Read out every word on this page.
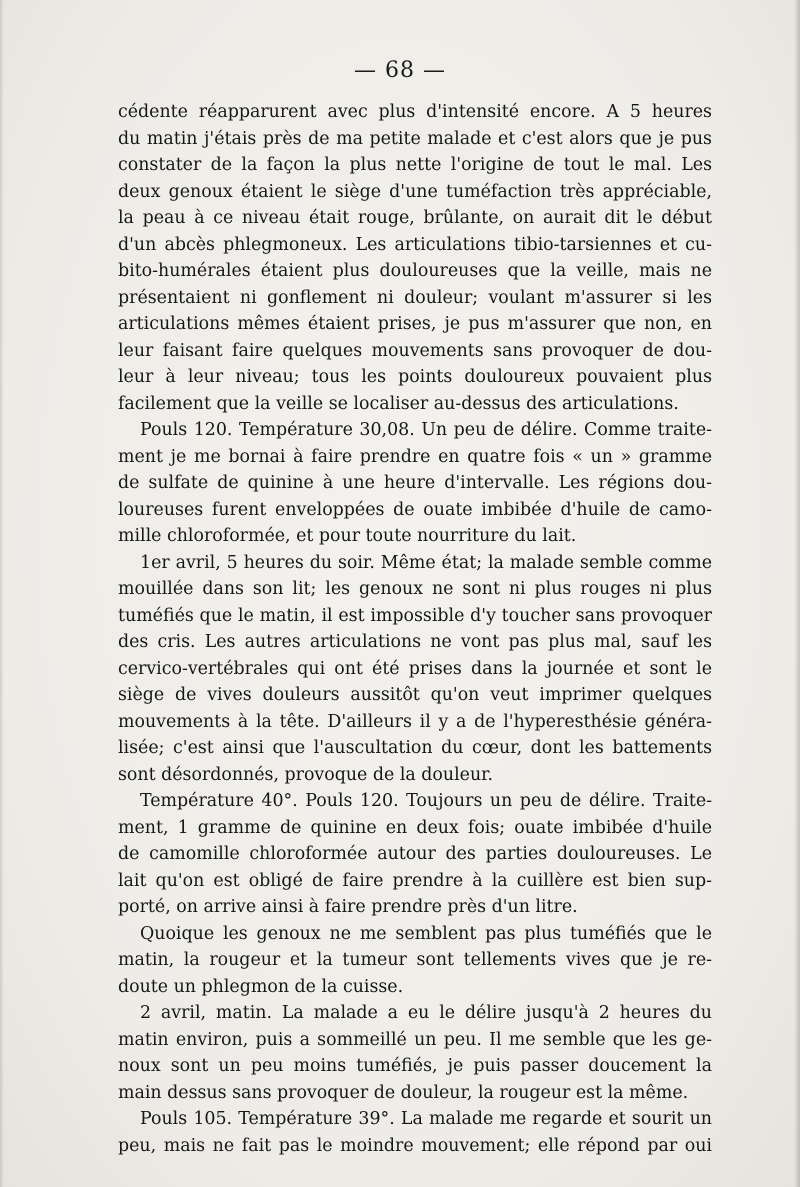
— 68 —
cédente réapparurent avec plus d'intensité encore. A 5 heures
du matin j'étais près de ma petite malade et c'est alors que je pus
constater de la façon la plus nette l'origine de tout le mal. Les
deux genoux étaient le siège d'une tuméfaction très appréciable,
la peau à ce niveau était rouge, brûlante, on aurait dit le début
d'un abcès phlegmoneux. Les articulations tibio-tarsiennes et cu-
bito-humérales étaient plus douloureuses que la veille, mais ne
présentaient ni gonflement ni douleur; voulant m'assurer si les
articulations mêmes étaient prises, je pus m'assurer que non, en
leur faisant faire quelques mouvements sans provoquer de dou-
leur à leur niveau; tous les points douloureux pouvaient plus
facilement que la veille se localiser au-dessus des articulations.
Pouls 120. Température 30,08. Un peu de délire. Comme traite-
ment je me bornai à faire prendre en quatre fois « un » gramme
de sulfate de quinine à une heure d'intervalle. Les régions dou-
loureuses furent enveloppées de ouate imbibée d'huile de camo-
mille chloroformée, et pour toute nourriture du lait.
1er avril, 5 heures du soir. Même état; la malade semble comme
mouillée dans son lit; les genoux ne sont ni plus rouges ni plus
tuméfiés que le matin, il est impossible d'y toucher sans provoquer
des cris. Les autres articulations ne vont pas plus mal, sauf les
cervico-vertébrales qui ont été prises dans la journée et sont le
siège de vives douleurs aussitôt qu'on veut imprimer quelques
mouvements à la tête. D'ailleurs il y a de l'hyperesthésie généra-
lisée; c'est ainsi que l'auscultation du cœur, dont les battements
sont désordonnés, provoque de la douleur.
Température 40°. Pouls 120. Toujours un peu de délire. Traite-
ment, 1 gramme de quinine en deux fois; ouate imbibée d'huile
de camomille chloroformée autour des parties douloureuses. Le
lait qu'on est obligé de faire prendre à la cuillère est bien sup-
porté, on arrive ainsi à faire prendre près d'un litre.
Quoique les genoux ne me semblent pas plus tuméfiés que le
matin, la rougeur et la tumeur sont tellements vives que je re-
doute un phlegmon de la cuisse.
2 avril, matin. La malade a eu le délire jusqu'à 2 heures du
matin environ, puis a sommeillé un peu. Il me semble que les ge-
noux sont un peu moins tuméfiés, je puis passer doucement la
main dessus sans provoquer de douleur, la rougeur est la même.
Pouls 105. Température 39°. La malade me regarde et sourit un
peu, mais ne fait pas le moindre mouvement; elle répond par oui
